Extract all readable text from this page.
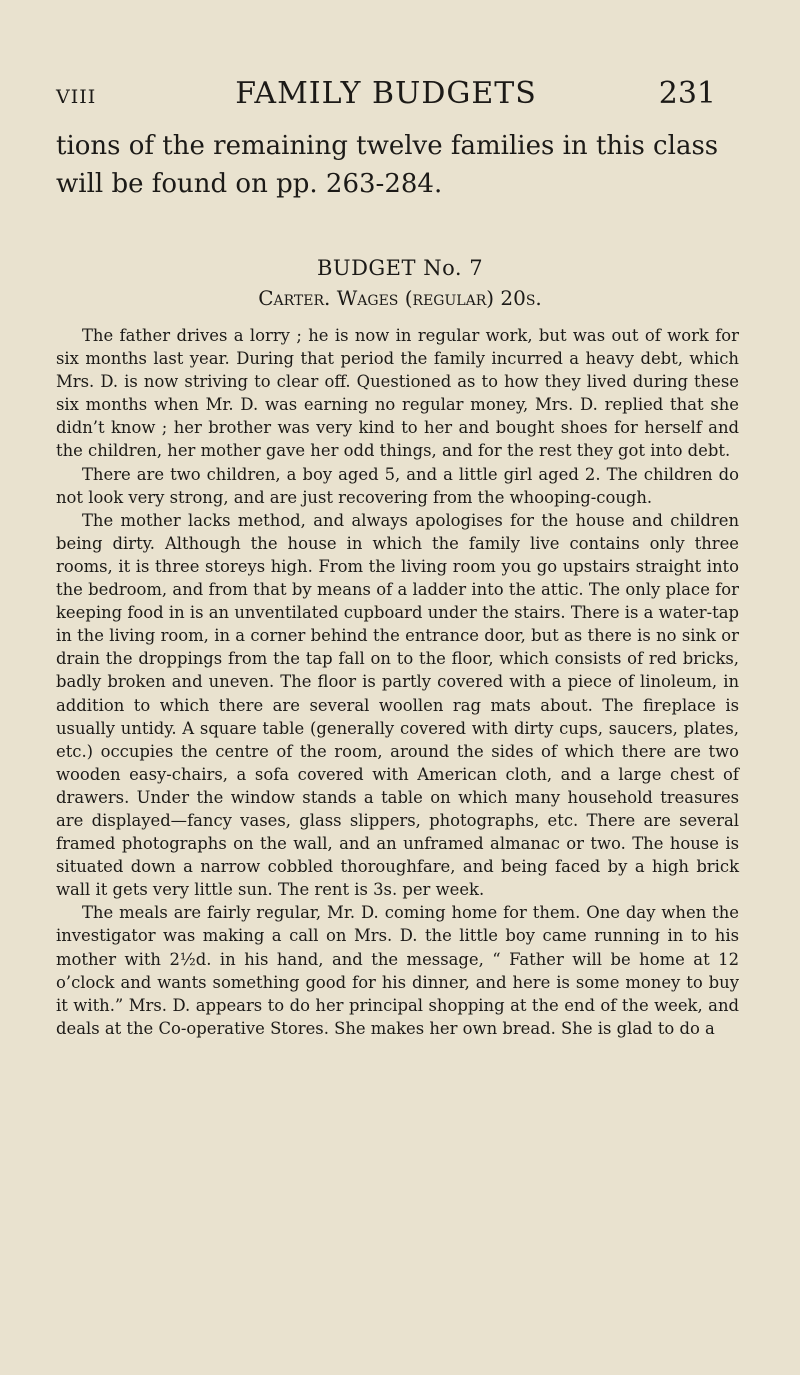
VIII	FAMILY BUDGETS	231

tions of the remaining twelve families in this class will be found on pp. 263-284.

BUDGET No. 7
Carter. Wages (regular) 20s.

The father drives a lorry ; he is now in regular work, but was out of work for six months last year. During that period the family incurred a heavy debt, which Mrs. D. is now striving to clear off. Questioned as to how they lived during these six months when Mr. D. was earning no regular money, Mrs. D. replied that she didn’t know ; her brother was very kind to her and bought shoes for herself and the children, her mother gave her odd things, and for the rest they got into debt.

There are two children, a boy aged 5, and a little girl aged 2. The children do not look very strong, and are just recovering from the whooping-cough.

The mother lacks method, and always apologises for the house and children being dirty. Although the house in which the family live contains only three rooms, it is three storeys high. From the living room you go upstairs straight into the bedroom, and from that by means of a ladder into the attic. The only place for keeping food in is an unventilated cupboard under the stairs. There is a water-tap in the living room, in a corner behind the entrance door, but as there is no sink or drain the droppings from the tap fall on to the floor, which consists of red bricks, badly broken and uneven. The floor is partly covered with a piece of linoleum, in addition to which there are several woollen rag mats about. The fireplace is usually untidy. A square table (generally covered with dirty cups, saucers, plates, etc.) occupies the centre of the room, around the sides of which there are two wooden easy-chairs, a sofa covered with American cloth, and a large chest of drawers. Under the window stands a table on which many household treasures are displayed—fancy vases, glass slippers, photographs, etc. There are several framed photographs on the wall, and an unframed almanac or two. The house is situated down a narrow cobbled thoroughfare, and being faced by a high brick wall it gets very little sun. The rent is 3s. per week.

The meals are fairly regular, Mr. D. coming home for them. One day when the investigator was making a call on Mrs. D. the little boy came running in to his mother with 2½d. in his hand, and the message, “ Father will be home at 12 o’clock and wants something good for his dinner, and here is some money to buy it with.” Mrs. D. appears to do her principal shopping at the end of the week, and deals at the Co-operative Stores. She makes her own bread. She is glad to do a
